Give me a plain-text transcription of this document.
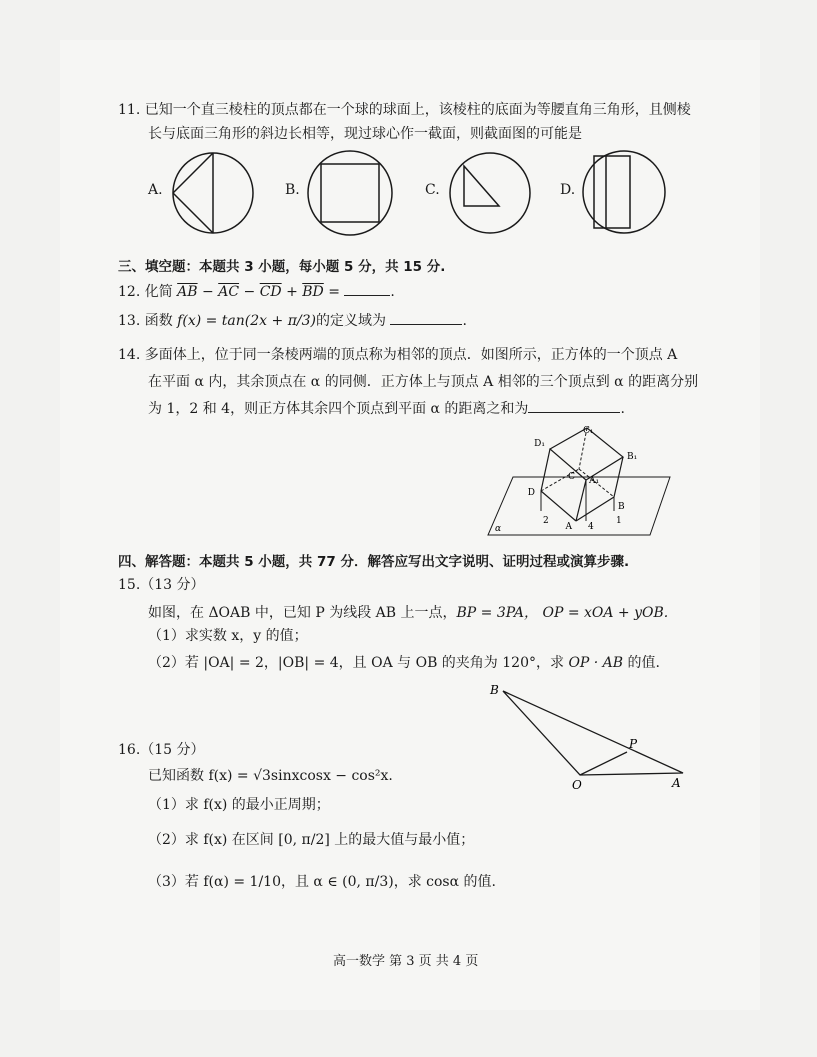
11. 已知一个直三棱柱的顶点都在一个球的球面上，该棱柱的底面为等腰直角三角形，且侧棱
长与底面三角形的斜边长相等，现过球心作一截面，则截面图的可能是
A.	B.	C.	D.
三、填空题：本题共 3 小题，每小题 5 分，共 15 分.
12. 化简 $\overline{AB} - \overline{AC} - \overline{CD} + \overline{BD}$ =	.
13. 函数 f(x) = tan(2x + π/3)的定义域为	.
14. 多面体上，位于同一条棱两端的顶点称为相邻的顶点．如图所示，正方体的一个顶点 A
在平面 α 内，其余顶点在 α 的同侧．正方体上与顶点 A 相邻的三个顶点到 α 的距离分别
为 1，2 和 4，则正方体其余四个顶点到平面 α 的距离之和为	.
D₁
C₁
B₁
A₁
D
C
B
A
2
4
1
α
四、解答题：本题共 5 小题，共 77 分．解答应写出文字说明、证明过程或演算步骤.
15.（13 分）
如图，在 ΔOAB 中，已知 P 为线段 AB 上一点，BP = 3PA， OP = xOA + yOB.
（1）求实数 x，y 的值；
（2）若 |OA| = 2，|OB| = 4，且 OA 与 OB 的夹角为 120°，求 OP · AB 的值.
B
P
O	A
16.（15 分）
已知函数 f(x) = √3sinxcosx − cos²x.
（1）求 f(x) 的最小正周期；
（2）求 f(x) 在区间 [0, π/2] 上的最大值与最小值；
（3）若 f(α) = 1/10，且 α ∈ (0, π/3)，求 cosα 的值.
高一数学 第 3 页 共 4 页
